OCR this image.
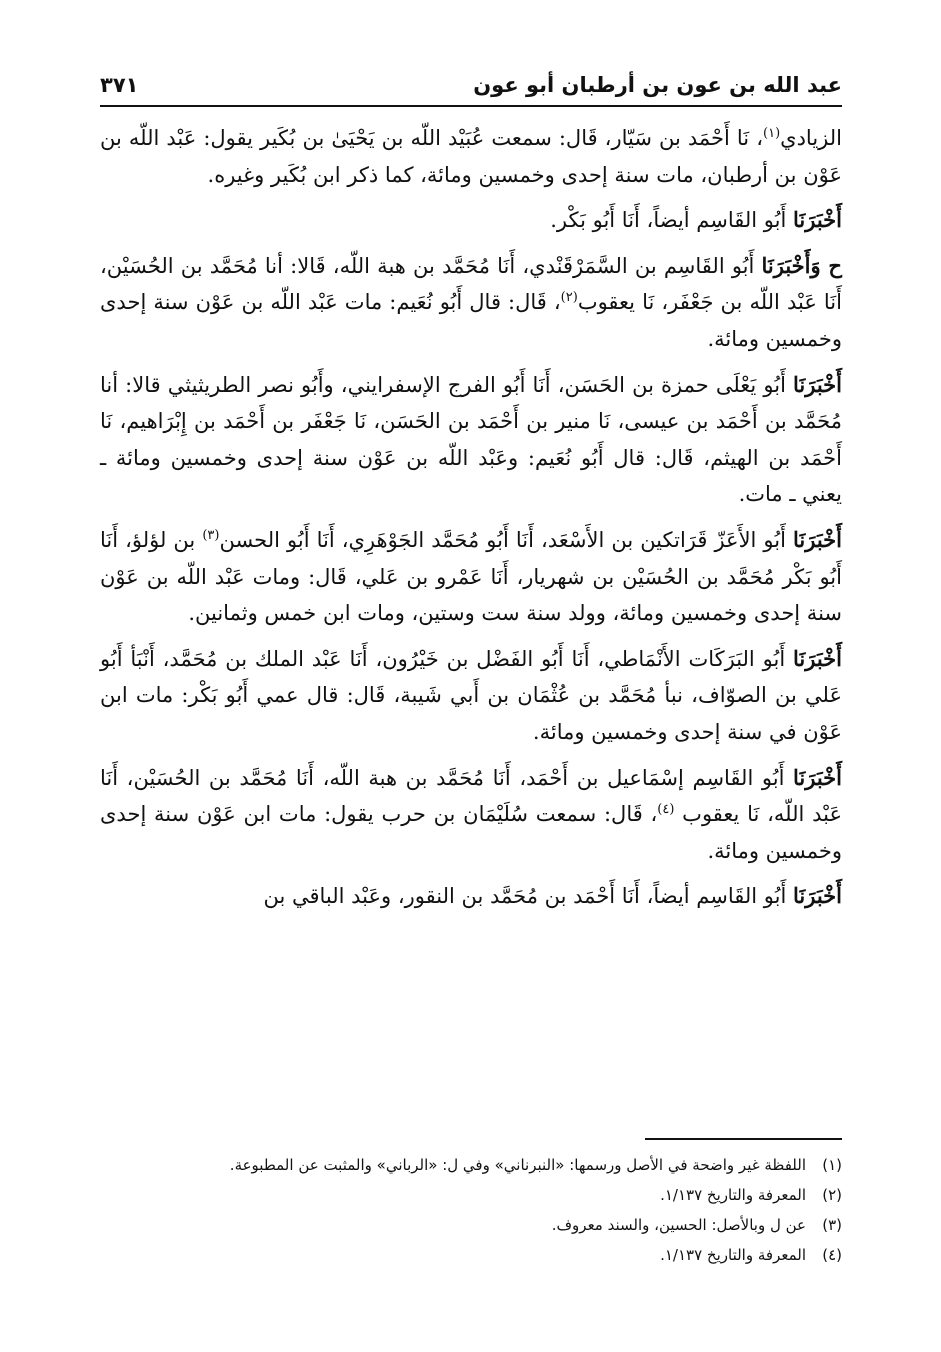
عبد الله بن عون بن أرطبان أبو عون
٣٧١

الزيادي$^{(١)}$، نَا أَحْمَد بن سَيّار، قَال: سمعت عُبَيْد اللّه بن يَحْيَىٰ بن بُكَير يقول: عَبْد اللّه بن عَوْن بن أرطبان، مات سنة إحدى وخمسين ومائة، كما ذكر ابن بُكَير وغيره.

أَخْبَرَنَا أَبُو القَاسِم أيضاً، أَنَا أَبُو بَكْر.

ح وَأَخْبَرَنَا أَبُو القَاسِم بن السَّمَرْقَنْدي، أَنَا مُحَمَّد بن هبة اللّه، قَالا: أنا مُحَمَّد بن الحُسَيْن، أَنَا عَبْد اللّه بن جَعْفَر، نَا يعقوب$^{(٢)}$، قَال: قال أَبُو نُعَيم: مات عَبْد اللّه بن عَوْن سنة إحدى وخمسين ومائة.

أَخْبَرَنَا أَبُو يَعْلَى حمزة بن الحَسَن، أَنَا أَبُو الفرج الإسفرايني، وأَبُو نصر الطريثيثي قالا: أنا مُحَمَّد بن أَحْمَد بن عيسى، نَا منير بن أَحْمَد بن الحَسَن، نَا جَعْفَر بن أَحْمَد بن إِبْرَاهيم، نَا أَحْمَد بن الهيثم، قَال: قال أَبُو نُعَيم: وعَبْد اللّه بن عَوْن سنة إحدى وخمسين ومائة ـ يعني ـ مات.

أَخْبَرَنَا أَبُو الأَعَزّ قَرَاتكين بن الأَسْعَد، أَنَا أَبُو مُحَمَّد الجَوْهَرِي، أَنَا أَبُو الحسن$^{(٣)}$ بن لؤلؤ، أَنَا أَبُو بَكْر مُحَمَّد بن الحُسَيْن بن شهريار، أَنَا عَمْرو بن عَلي، قَال: ومات عَبْد اللّه بن عَوْن سنة إحدى وخمسين ومائة، وولد سنة ست وستين، ومات ابن خمس وثمانين.

أَخْبَرَنَا أَبُو البَرَكَات الأَنْمَاطي، أَنَا أَبُو الفَضْل بن خَيْرُون، أَنَا عَبْد الملك بن مُحَمَّد، أَنْبَأ أَبُو عَلي بن الصوّاف، نبأ مُحَمَّد بن عُثْمَان بن أَبي شَيبة، قَال: قال عمي أَبُو بَكْر: مات ابن عَوْن في سنة إحدى وخمسين ومائة.

أَخْبَرَنَا أَبُو القَاسِم إسْمَاعيل بن أَحْمَد، أَنَا مُحَمَّد بن هبة اللّه، أَنَا مُحَمَّد بن الحُسَيْن، أَنَا عَبْد اللّه، نَا يعقوب $^{(٤)}$، قَال: سمعت سُلَيْمَان بن حرب يقول: مات ابن عَوْن سنة إحدى وخمسين ومائة.

أَخْبَرَنَا أَبُو القَاسِم أيضاً، أَنَا أَحْمَد بن مُحَمَّد بن النقور، وعَبْد الباقي بن

(١)
اللفظة غير واضحة في الأصل ورسمها: «النبرناني» وفي ل: «الرباني» والمثبت عن المطبوعة.
(٢)
المعرفة والتاريخ ١/١٣٧.
(٣)
عن ل وبالأصل: الحسين، والسند معروف.
(٤)
المعرفة والتاريخ ١/١٣٧.
